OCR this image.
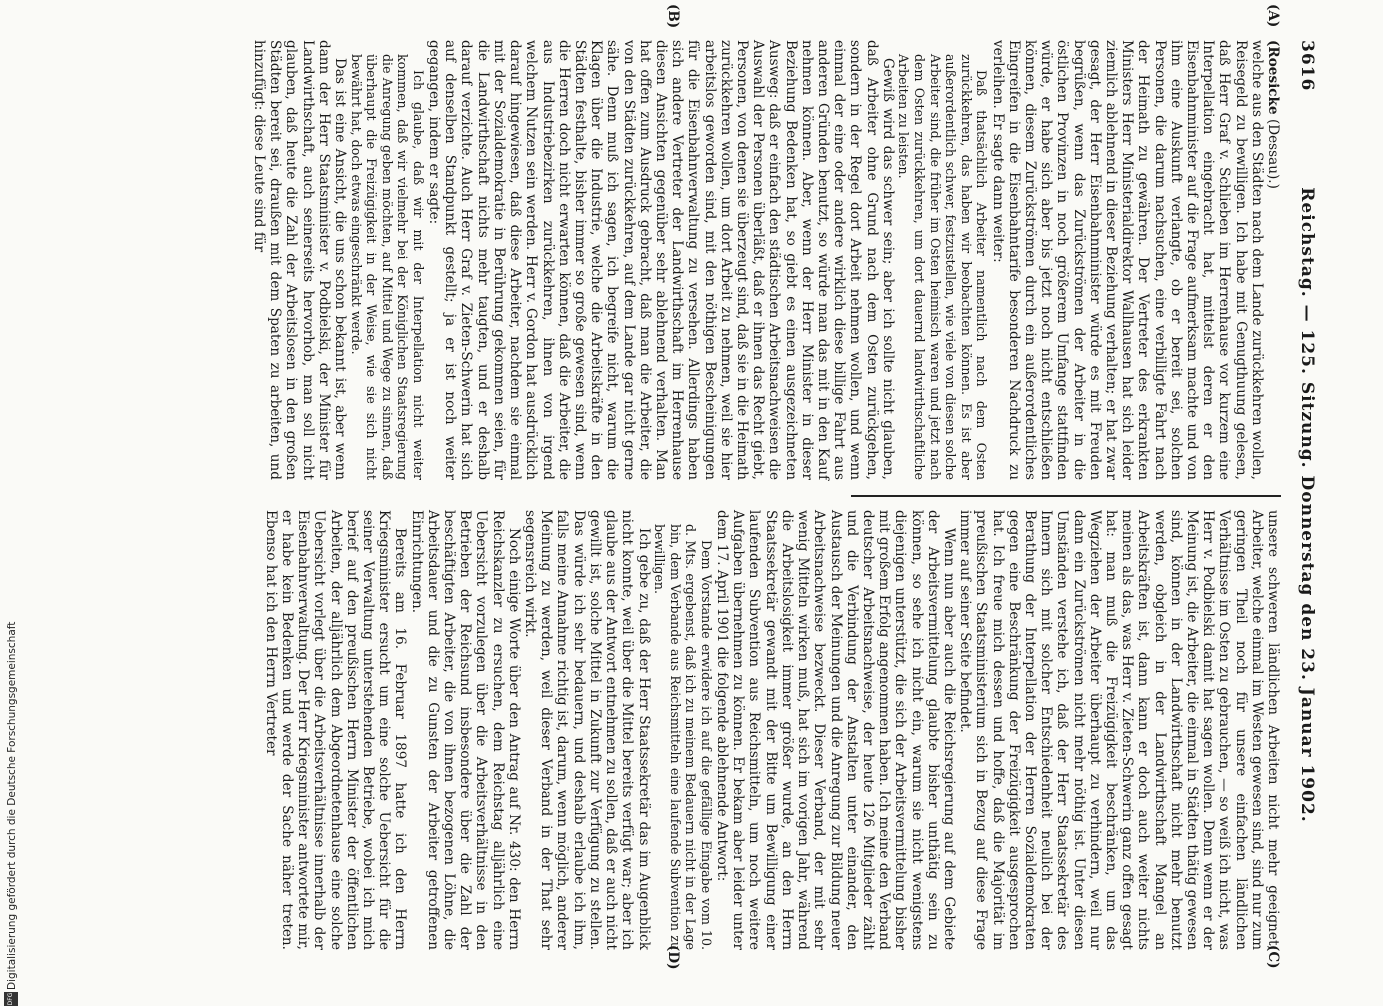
3616
Reichstag. — 125. Sitzung. Donnerstag den 23. Januar 1902.
(A)
(B)
(C)
(D)

(Roesicke (Dessau).)

welche aus den Städten nach dem Lande zurückkehren wollen, Reisegeld zu bewilligen. Ich habe mit Genugthuung gelesen, daß Herr Graf v. Schlieben im Herrenhause vor kurzem eine Interpellation eingebracht hat, mittelst deren er den Eisenbahnminister auf die Frage aufmerksam machte und von ihm eine Auskunft verlangte, ob er bereit sei, solchen Personen, die darum nachsuchen, eine verbilligte Fahrt nach der Heimath zu gewähren. Der Vertreter des erkrankten Ministers Herr Ministerialdirektor Wallhausen hat sich leider ziemlich ablehnend in dieser Beziehung verhalten; er hat zwar gesagt, der Herr Eisenbahnminister würde es mit Freuden begrüßen, wenn das Zurückströmen der Arbeiter in die östlichen Provinzen in noch größerem Umfange stattfinden würde, er habe sich aber bis jetzt noch nicht entschließen können, diesem Zurückströmen durch ein außerordentliches Eingreifen in die Eisenbahntarife besonderen Nachdruck zu verleihen. Er sagte dann weiter:

Daß thatsächlich Arbeiter namentlich nach dem Osten zurückkehren, das haben wir beobachten können. Es ist aber außerordentlich schwer, festzustellen, wie viele von diesen solche Arbeiter sind, die früher im Osten heimisch waren und jetzt nach dem Osten zurückkehren, um dort dauernd landwirthschaftliche Arbeiten zu leisten.

Gewiß wird das schwer sein; aber ich sollte nicht glauben, daß Arbeiter ohne Grund nach dem Osten zurückgehen, sondern in der Regel dort Arbeit nehmen wollen, und wenn einmal der eine oder andere wirklich diese billige Fahrt aus anderen Gründen benutzt, so würde man das mit in den Kauf nehmen können. Aber, wenn der Herr Minister in dieser Beziehung Bedenken hat, so giebt es einen ausgezeichneten Ausweg: daß er einfach den städtischen Arbeitsnachweisen die Auswahl der Personen überläßt, daß er ihnen das Recht giebt, Personen, von denen sie überzeugt sind, daß sie in die Heimath zurückkehren wollen, um dort Arbeit zu nehmen, weil sie hier arbeitslos geworden sind, mit den nöthigen Bescheinigungen für die Eisenbahnverwaltung zu versehen. Allerdings haben sich andere Vertreter der Landwirthschaft im Herrenhause diesen Ansichten gegenüber sehr ablehnend verhalten. Man hat offen zum Ausdruck gebracht, daß man die Arbeiter, die von den Städten zurückkehren, auf dem Lande gar nicht gerne sähe. Denn muß ich sagen, ich begreife nicht, warum die Klagen über die Industrie, welche die Arbeitskräfte in den Städten festhalte, bisher immer so große gewesen sind, wenn die Herren doch nicht erwarten können, daß die Arbeiter, die aus Industriebezirken zurückkehren, ihnen von irgend welchem Nutzen sein werden. Herr v. Gordon hat ausdrücklich darauf hingewiesen, daß diese Arbeiter, nachdem sie einmal mit der Sozialdemokratie in Berührung gekommen seien, für die Landwirthschaft nichts mehr taugten, und er deshalb darauf verzichte. Auch Herr Graf v. Zieten-Schwerin hat sich auf denselben Standpunkt gestellt; ja er ist noch weiter gegangen, indem er sagte:

Ich glaube, daß wir mit der Interpellation nicht weiter kommen, daß wir vielmehr bei der Königlichen Staatsregierung die Anregung geben möchten, auf Mittel und Wege zu sinnen, daß überhaupt die Freizügigkeit in der Weise, wie sie sich nicht bewährt hat, doch etwas eingeschränkt werde.

Das ist eine Ansicht, die uns schon bekannt ist, aber wenn dann der Herr Staatsminister v. Podbielski, der Minister für Landwirthschaft, auch seinerseits hervorhob, man soll nicht glauben, daß heute die Zahl der Arbeitslosen in den großen Städten bereit sei, draußen mit dem Spaten zu arbeiten, und hinzufügt: diese Leute sind für

unsere schweren ländlichen Arbeiten nicht mehr geeignet; Arbeiter, welche einmal im Westen gewesen sind, sind nur zum geringen Theil noch für unsere einfachen ländlichen Verhältnisse im Osten zu gebrauchen, — so weiß ich nicht, was Herr v. Podbielski damit hat sagen wollen. Denn wenn er der Meinung ist, die Arbeiter, die einmal in Städten thätig gewesen sind, können in der Landwirthschaft nicht mehr benutzt werden, obgleich in der Landwirthschaft Mangel an Arbeitskräften ist, dann kann er doch auch weiter nichts meinen als das, was Herr v. Zieten-Schwerin ganz offen gesagt hat: man muß die Freizügigkeit beschränken, um das Wegziehen der Arbeiter überhaupt zu verhindern, weil nur dann ein Zurückströmen nicht mehr nöthig ist. Unter diesen Umständen verstehe ich, daß der Herr Staatssekretär des Innern sich mit solcher Entschiedenheit neulich bei der Berathung der Interpellation der Herren Sozialdemokraten gegen eine Beschränkung der Freizügigkeit ausgesprochen hat. Ich freue mich dessen und hoffe, daß die Majorität im preußischen Staatsministerium sich in Bezug auf diese Frage immer auf seiner Seite befindet.

Wenn nun aber auch die Reichsregierung auf dem Gebiete der Arbeitsvermittelung glaubte bisher unthätig sein zu können, so sehe ich nicht ein, warum sie nicht wenigstens diejenigen unterstützt, die sich der Arbeitsvermittelung bisher mit großem Erfolg angenommen haben. Ich meine den Verband deutscher Arbeitsnachweise, der heute 126 Mitglieder zählt und die Verbindung der Anstalten unter einander, den Austausch der Meinungen und die Anregung zur Bildung neuer Arbeitsnachweise bezweckt. Dieser Verband, der mit sehr wenig Mitteln wirken muß, hat sich im vorigen Jahr, während die Arbeitslosigkeit immer größer wurde, an den Herrn Staatssekretär gewandt mit der Bitte um Bewilligung einer laufenden Subvention aus Reichsmitteln, um noch weitere Aufgaben übernehmen zu können. Er bekam aber leider unter dem 17. April 1901 die folgende ablehnende Antwort:

Dem Vorstande erwidere ich auf die gefällige Eingabe vom 10. d. Mts. ergebenst, daß ich zu meinem Bedauern nicht in der Lage bin, dem Verbande aus Reichsmitteln eine laufende Subvention zu bewilligen.

Ich gebe zu, daß der Herr Staatssekretär das im Augenblick nicht konnte, weil über die Mittel bereits verfügt war; aber ich glaube aus der Antwort entnehmen zu sollen, daß er auch nicht gewillt ist, solche Mittel in Zukunft zur Verfügung zu stellen. Das würde ich sehr bedauern, und deshalb erlaube ich ihm, falls meine Annahme richtig ist, darum, wenn möglich, anderer Meinung zu werden, weil dieser Verband in der That sehr segensreich wirkt.

Noch einige Worte über den Antrag auf Nr. 430: den Herrn Reichskanzler zu ersuchen, dem Reichstag alljährlich eine Uebersicht vorzulegen über die Arbeitsverhältnisse in den Betrieben der Reichsund insbesondere über die Zahl der beschäftigten Arbeiter, die von ihnen bezogenen Löhne, die Arbeitsdauer und die zu Gunsten der Arbeiter getroffenen Einrichtungen.

Bereits am 16. Februar 1897 hatte ich den Herrn Kriegsminister ersucht um eine solche Uebersicht für die seiner Verwaltung unterstehenden Betriebe, wobei ich mich berief auf den preußischen Herrn Minister der öffentlichen Arbeiten, der alljährlich dem Abgeordnetenhause eine solche Uebersicht vorlegt über die Arbeitsverhältnisse innerhalb der Eisenbahnverwaltung. Der Herr Kriegsminister antwortete mir, er habe kein Bedenken und werde der Sache näher treten. Ebenso hat ich den Herrn Vertreter

Digitalisierung gefördert durch die Deutsche Forschungsgemeinschaft
DFG
